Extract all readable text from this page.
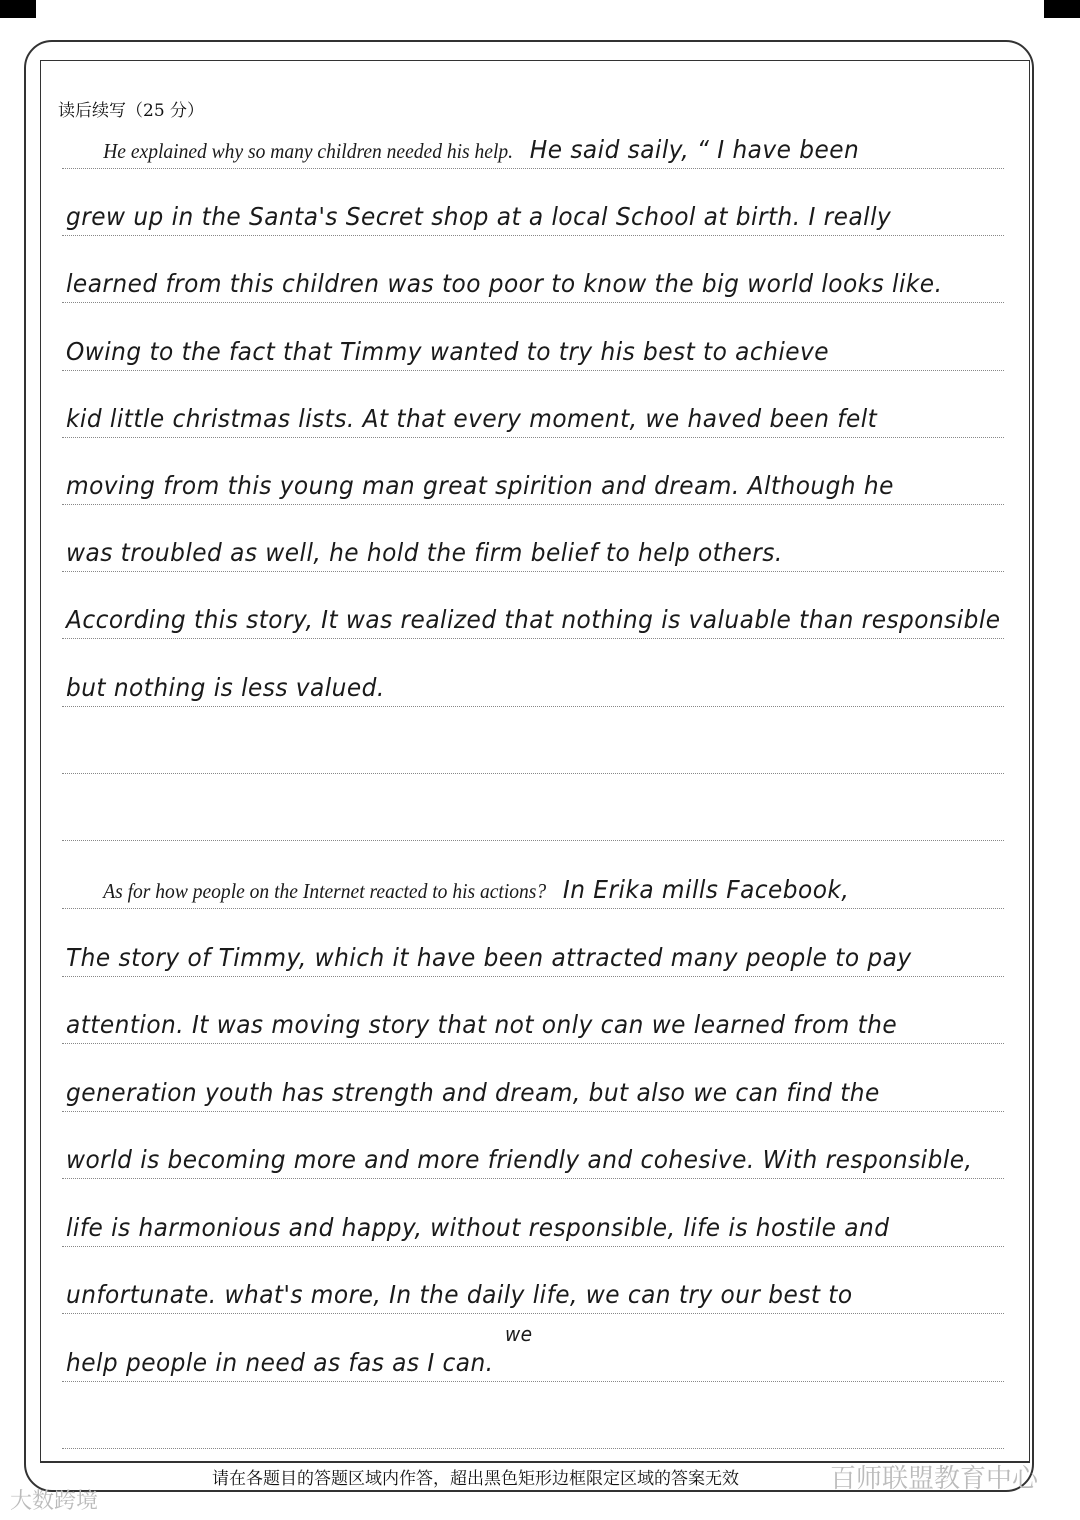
读后续写（25 分）
He explained why so many children needed his help. He said saily, “ I have been
grew up in the Santa's Secret shop at a local School at birth. I really
learned from this children was too poor to know the big world looks like.
Owing to the fact that Timmy wanted to try his best to achieve
kid little christmas lists. At that every moment, we haved been felt
moving from this young man great spirition and dream. Although he
was troubled as well, he hold the firm belief to help others.
According this story, It was realized that nothing is valuable than responsible
but nothing is less valued.
As for how people on the Internet reacted to his actions? In Erika mills Facebook,
The story of Timmy, which it have been attracted many people to pay
attention. It was moving story that not only can we learned from the
generation youth has strength and dream, but also we can find the
world is becoming more and more friendly and cohesive. With responsible,
life is harmonious and happy, without responsible, life is hostile and
unfortunate. what's more, In the daily life, we can try our best to
help people in need as fas as I can.
we
请在各题目的答题区域内作答，超出黑色矩形边框限定区域的答案无效	百师联盟教育中心
大数跨境
